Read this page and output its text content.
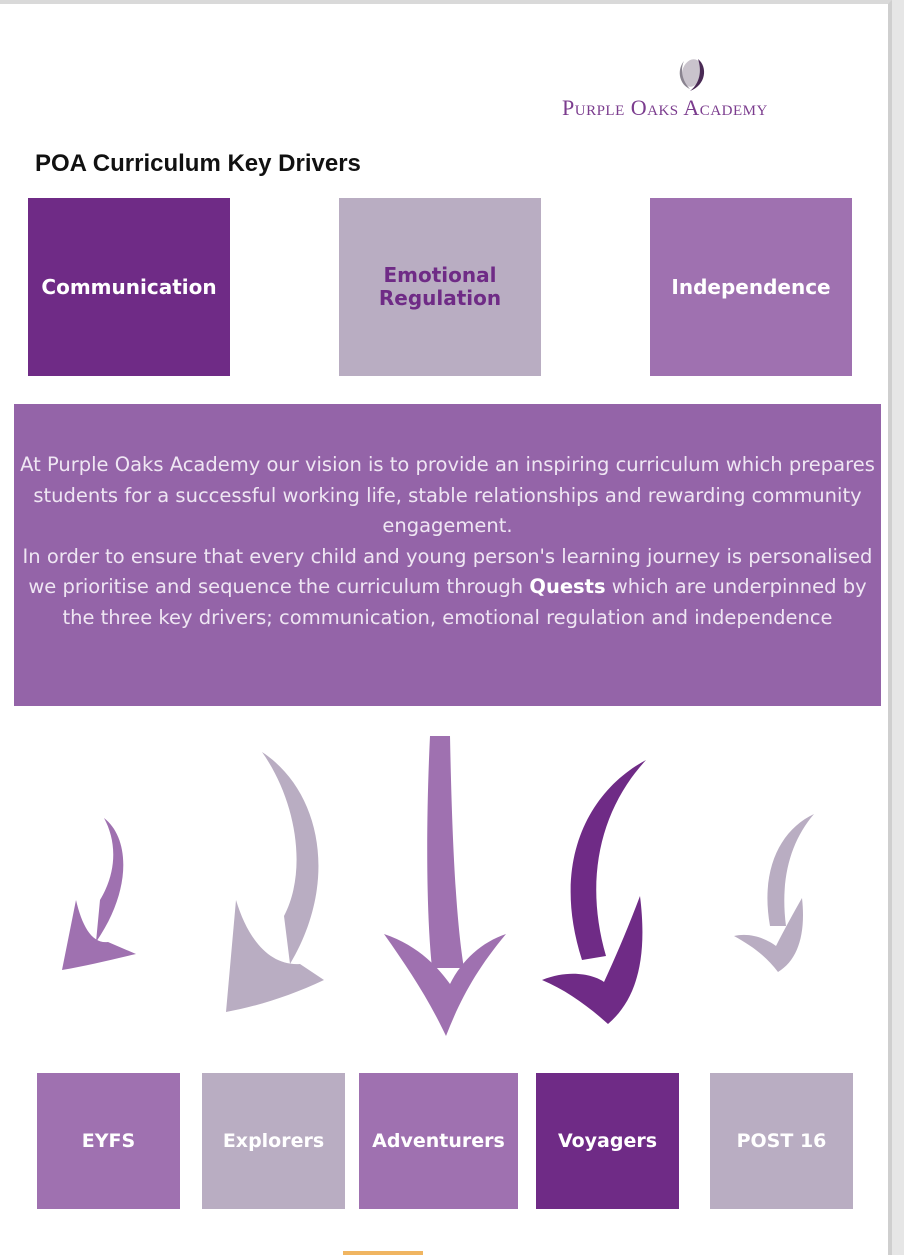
Purple Oaks Academy
POA Curriculum Key Drivers
Communication	Emotional Regulation	Independence

At Purple Oaks Academy our vision is to provide an inspiring curriculum which prepares students for a successful working life, stable relationships and rewarding community engagement.

In order to ensure that every child and young person's learning journey is personalised we prioritise and sequence the curriculum through Quests which are underpinned by the three key drivers; communication, emotional regulation and independence

EYFS	Explorers	Adventurers	Voyagers	POST 16
